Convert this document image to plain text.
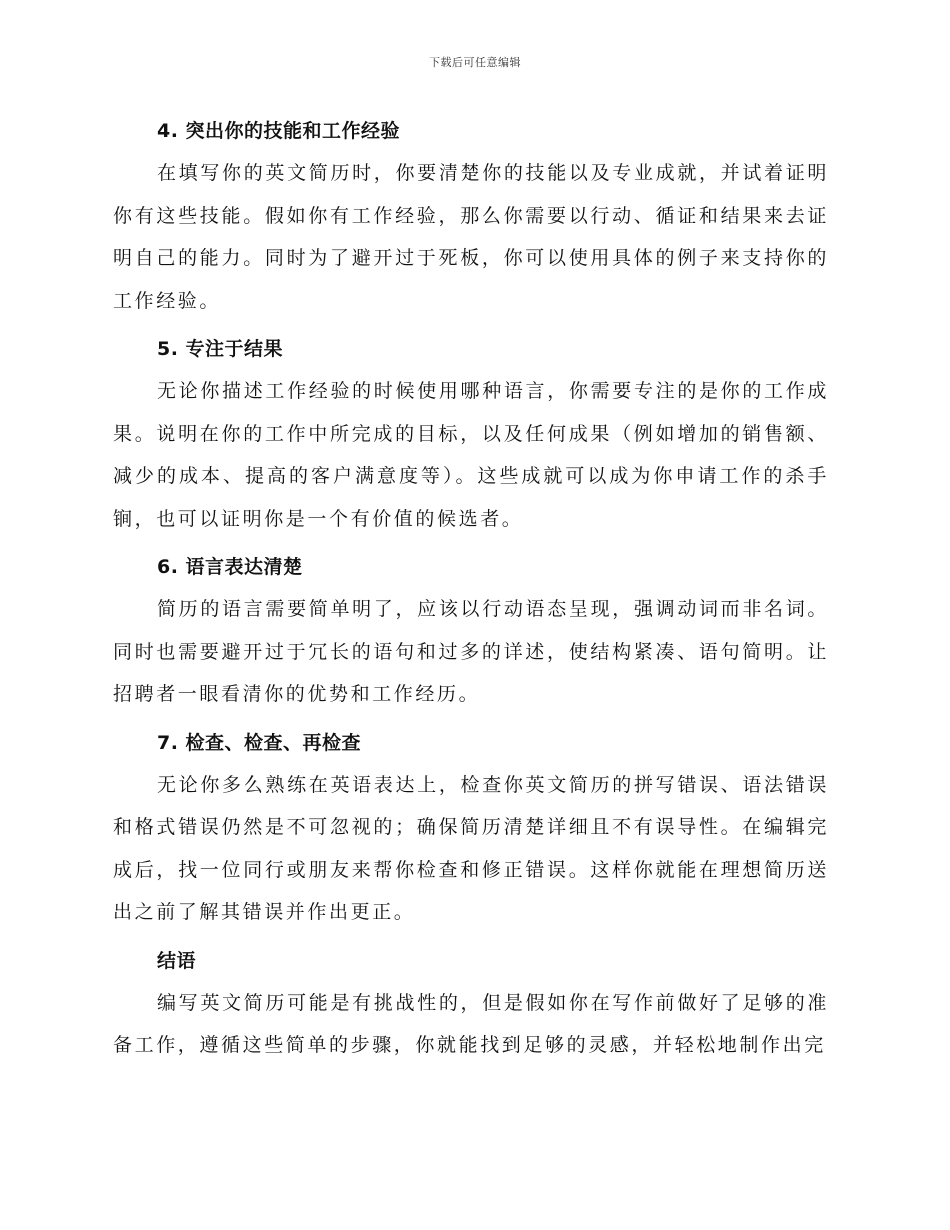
下载后可任意编辑
4. 突出你的技能和工作经验

在填写你的英文简历时，你要清楚你的技能以及专业成就，并试着证明你有这些技能。假如你有工作经验，那么你需要以行动、循证和结果来去证明自己的能力。同时为了避开过于死板，你可以使用具体的例子来支持你的工作经验。

5. 专注于结果

无论你描述工作经验的时候使用哪种语言，你需要专注的是你的工作成果。说明在你的工作中所完成的目标，以及任何成果（例如增加的销售额、减少的成本、提高的客户满意度等）。这些成就可以成为你申请工作的杀手锏，也可以证明你是一个有价值的候选者。

6. 语言表达清楚

简历的语言需要简单明了，应该以行动语态呈现，强调动词而非名词。同时也需要避开过于冗长的语句和过多的详述，使结构紧凑、语句简明。让招聘者一眼看清你的优势和工作经历。

7. 检查、检查、再检查

无论你多么熟练在英语表达上，检查你英文简历的拼写错误、语法错误和格式错误仍然是不可忽视的；确保简历清楚详细且不有误导性。在编辑完成后，找一位同行或朋友来帮你检查和修正错误。这样你就能在理想简历送出之前了解其错误并作出更正。

结语

编写英文简历可能是有挑战性的，但是假如你在写作前做好了足够的准备工作，遵循这些简单的步骤，你就能找到足够的灵感，并轻松地制作出完
